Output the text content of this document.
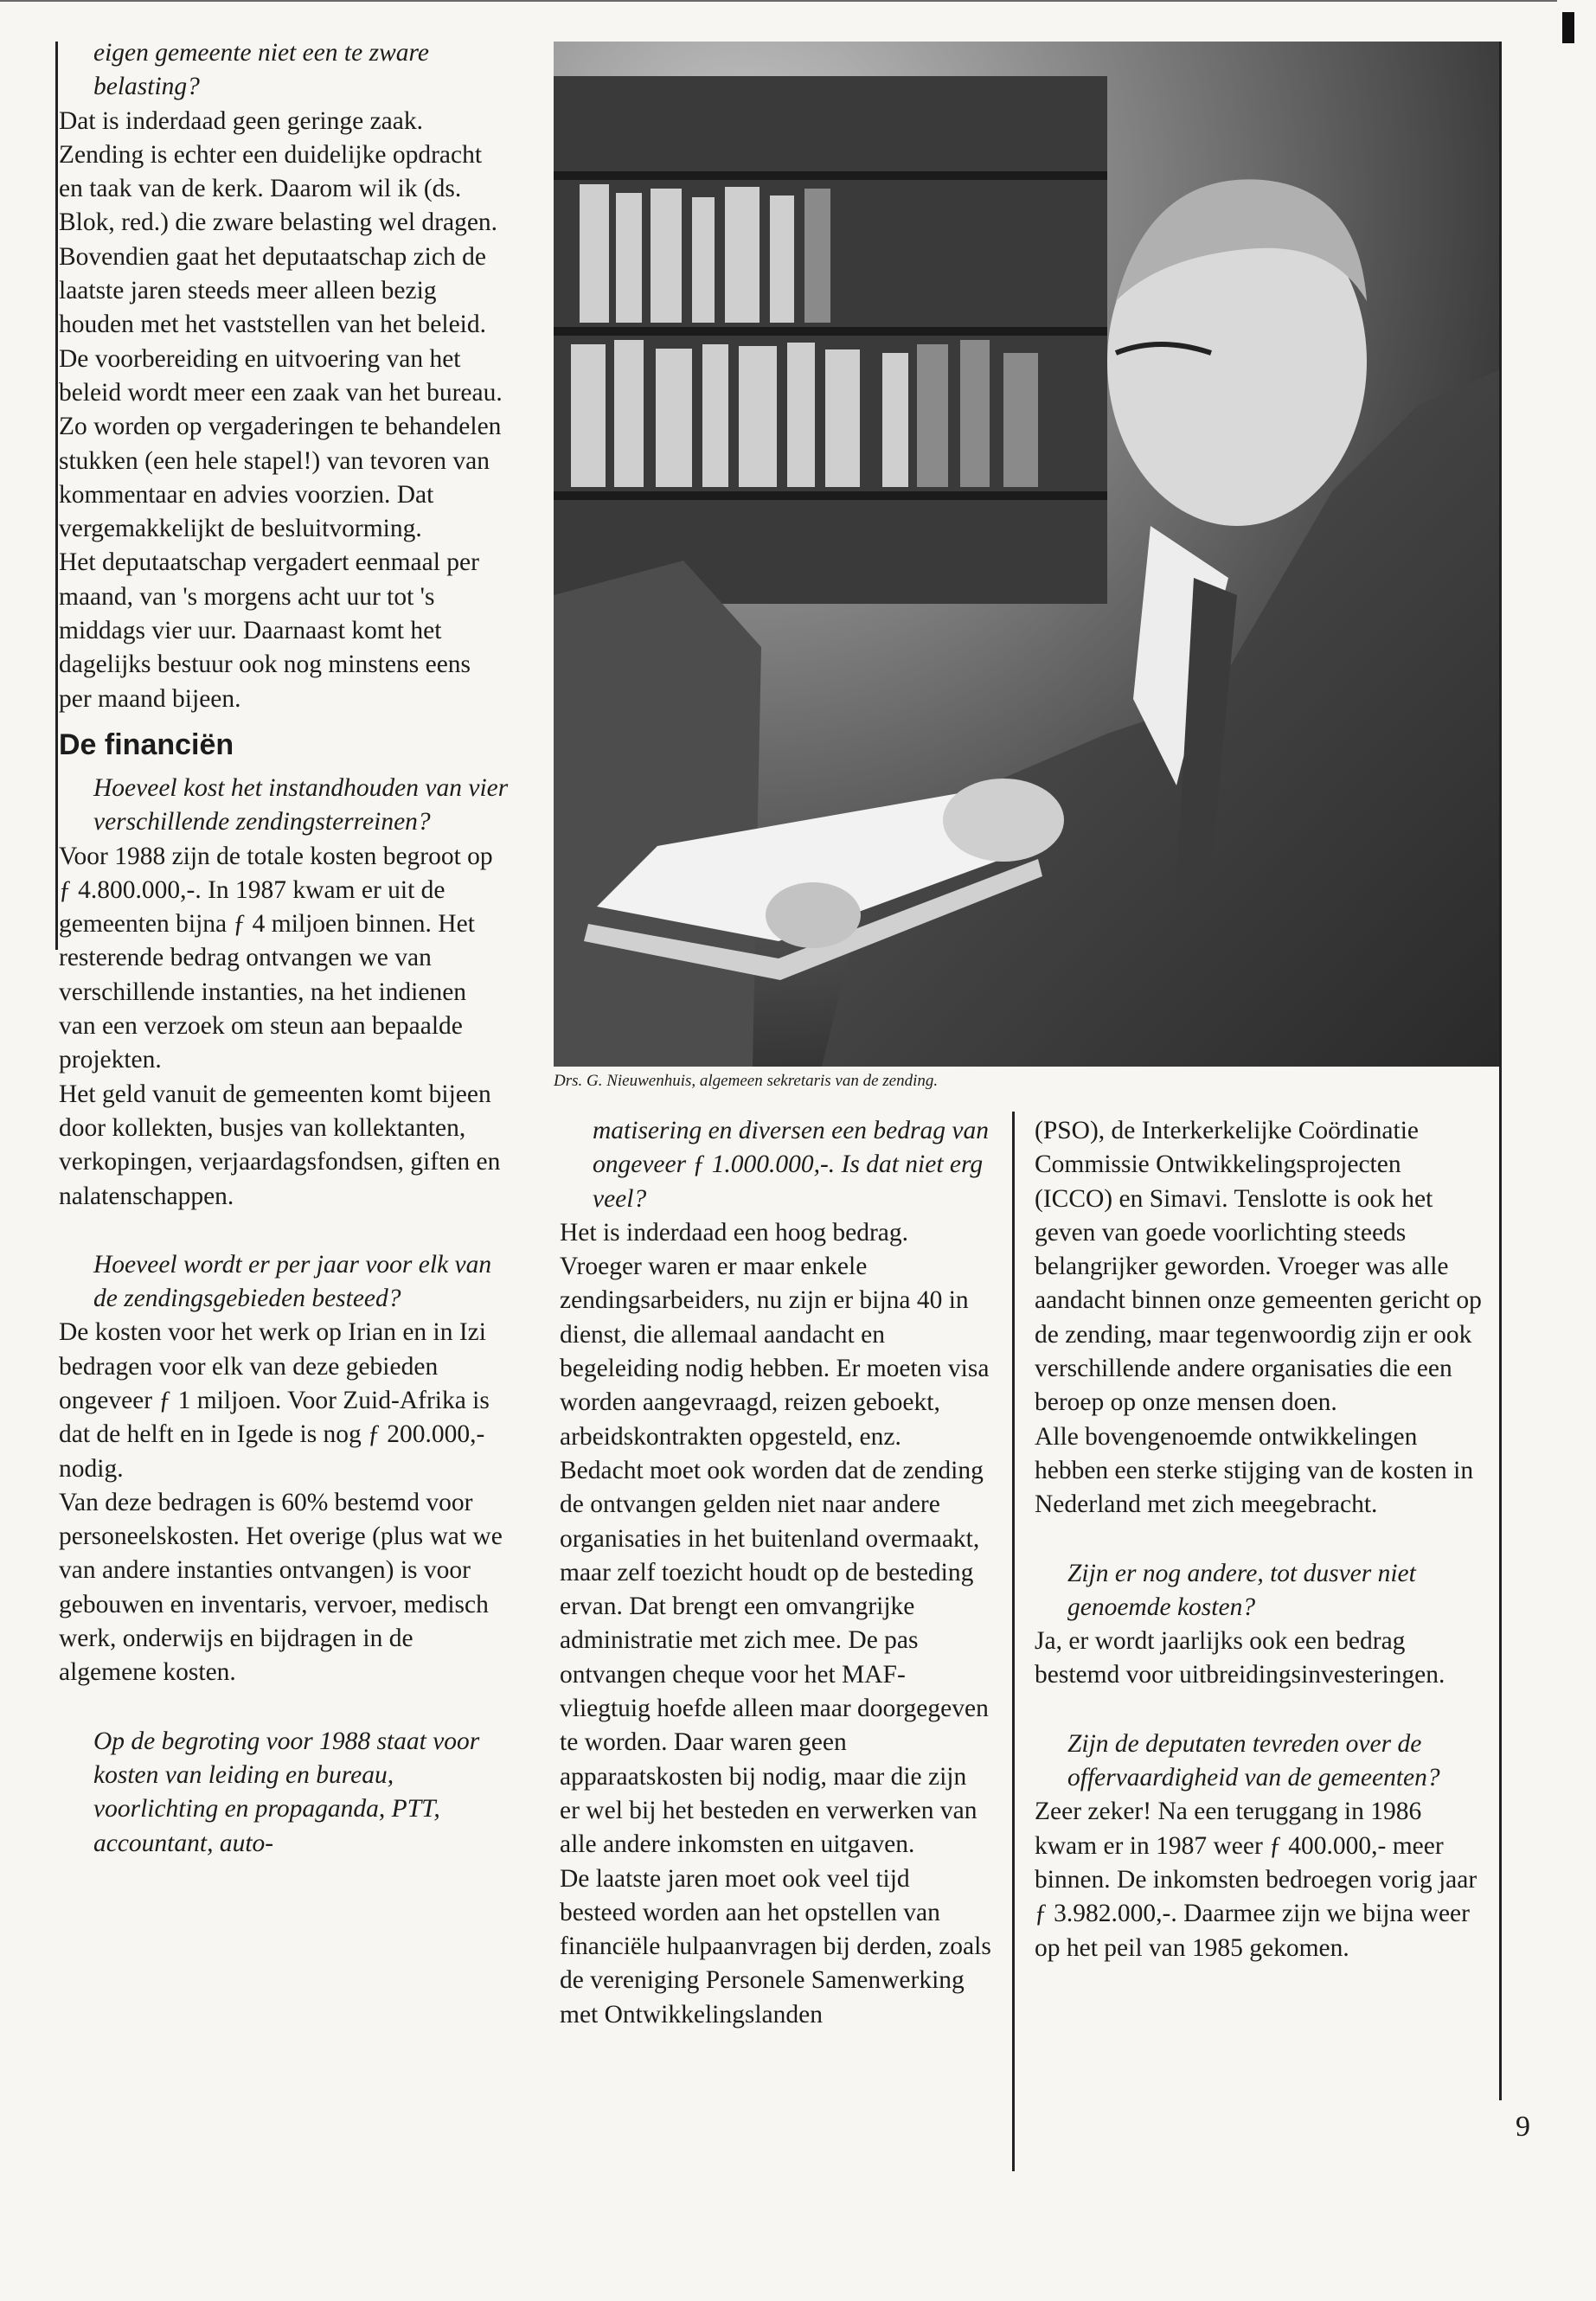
eigen gemeente niet een te zware belasting?

Dat is inderdaad geen geringe zaak. Zending is echter een duidelijke opdracht en taak van de kerk. Daarom wil ik (ds. Blok, red.) die zware belasting wel dragen.

Bovendien gaat het deputaatschap zich de laatste jaren steeds meer alleen bezig houden met het vaststellen van het beleid. De voorbereiding en uitvoering van het beleid wordt meer een zaak van het bureau. Zo worden op vergaderingen te behandelen stukken (een hele stapel!) van tevoren van kommentaar en advies voorzien. Dat vergemakkelijkt de besluitvorming.

Het deputaatschap vergadert eenmaal per maand, van 's morgens acht uur tot 's middags vier uur. Daarnaast komt het dagelijks bestuur ook nog minstens eens per maand bijeen.

De financiën

Hoeveel kost het instandhouden van vier verschillende zendingsterreinen?

Voor 1988 zijn de totale kosten begroot op ƒ 4.800.000,-. In 1987 kwam er uit de gemeenten bijna ƒ 4 miljoen binnen. Het resterende bedrag ontvangen we van verschillende instanties, na het indienen van een verzoek om steun aan bepaalde projekten.

Het geld vanuit de gemeenten komt bijeen door kollekten, busjes van kollektanten, verkopingen, verjaardagsfondsen, giften en nalatenschappen.

Hoeveel wordt er per jaar voor elk van de zendingsgebieden besteed?

De kosten voor het werk op Irian en in Izi bedragen voor elk van deze gebieden ongeveer ƒ 1 miljoen. Voor Zuid-Afrika is dat de helft en in Igede is nog ƒ 200.000,- nodig.

Van deze bedragen is 60% bestemd voor personeelskosten. Het overige (plus wat we van andere instanties ontvangen) is voor gebouwen en inventaris, vervoer, medisch werk, onderwijs en bijdragen in de algemene kosten.

Op de begroting voor 1988 staat voor kosten van leiding en bureau, voorlichting en propaganda, PTT, accountant, auto-

Drs. G. Nieuwenhuis, algemeen sekretaris van de zending.

matisering en diversen een bedrag van ongeveer ƒ 1.000.000,-. Is dat niet erg veel?

Het is inderdaad een hoog bedrag. Vroeger waren er maar enkele zendingsarbeiders, nu zijn er bijna 40 in dienst, die allemaal aandacht en begeleiding nodig hebben. Er moeten visa worden aangevraagd, reizen geboekt, arbeidskontrakten opgesteld, enz.

Bedacht moet ook worden dat de zending de ontvangen gelden niet naar andere organisaties in het buitenland overmaakt, maar zelf toezicht houdt op de besteding ervan. Dat brengt een omvangrijke administratie met zich mee. De pas ontvangen cheque voor het MAF-vliegtuig hoefde alleen maar doorgegeven te worden. Daar waren geen apparaatskosten bij nodig, maar die zijn er wel bij het besteden en verwerken van alle andere inkomsten en uitgaven.

De laatste jaren moet ook veel tijd besteed worden aan het opstellen van financiële hulpaanvragen bij derden, zoals de vereniging Personele Samenwerking met Ontwikkelingslanden

(PSO), de Interkerkelijke Coördinatie Commissie Ontwikkelingsprojecten (ICCO) en Simavi. Tenslotte is ook het geven van goede voorlichting steeds belangrijker geworden. Vroeger was alle aandacht binnen onze gemeenten gericht op de zending, maar tegenwoordig zijn er ook verschillende andere organisaties die een beroep op onze mensen doen.

Alle bovengenoemde ontwikkelingen hebben een sterke stijging van de kosten in Nederland met zich meegebracht.

Zijn er nog andere, tot dusver niet genoemde kosten?

Ja, er wordt jaarlijks ook een bedrag bestemd voor uitbreidingsinvesteringen.

Zijn de deputaten tevreden over de offervaardigheid van de gemeenten?

Zeer zeker! Na een teruggang in 1986 kwam er in 1987 weer ƒ 400.000,- meer binnen. De inkomsten bedroegen vorig jaar ƒ 3.982.000,-. Daarmee zijn we bijna weer op het peil van 1985 gekomen.

9
